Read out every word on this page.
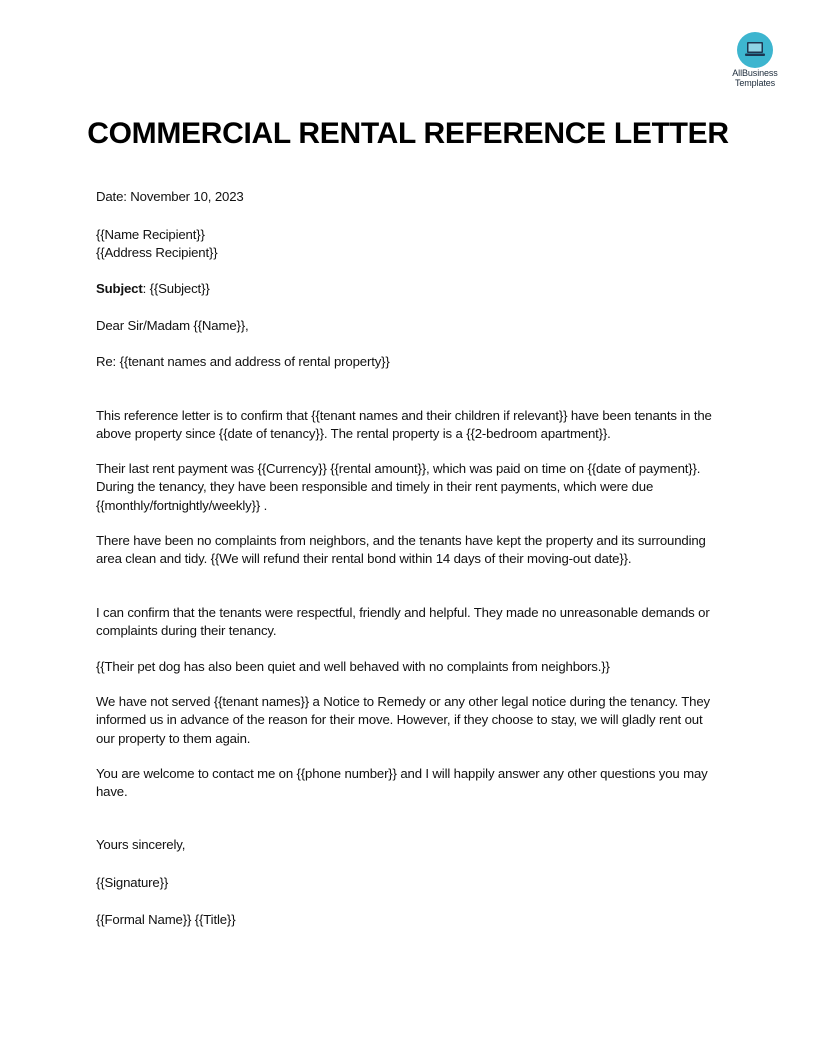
AllBusiness
Templates
COMMERCIAL RENTAL REFERENCE LETTER
Date: November 10, 2023
{{Name Recipient}}
{{Address Recipient}}
Subject: {{Subject}}
Dear Sir/Madam {{Name}},
Re: {{tenant names and address of rental property}}

This reference letter is to confirm that {{tenant names and their children if relevant}} have been tenants in the above property since {{date of tenancy}}. The rental property is a {{2-bedroom apartment}}.

Their last rent payment was {{Currency}} {{rental amount}}, which was paid on time on {{date of payment}}. During the tenancy, they have been responsible and timely in their rent payments, which were due {{monthly/fortnightly/weekly}} .

There have been no complaints from neighbors, and the tenants have kept the property and its surrounding area clean and tidy. {{We will refund their rental bond within 14 days of their moving-out date}}.

I can confirm that the tenants were respectful, friendly and helpful. They made no unreasonable demands or complaints during their tenancy.

{{Their pet dog has also been quiet and well behaved with no complaints from neighbors.}}

We have not served {{tenant names}} a Notice to Remedy or any other legal notice during the tenancy. They informed us in advance of the reason for their move. However, if they choose to stay, we will gladly rent out our property to them again.

You are welcome to contact me on {{phone number}} and I will happily answer any other questions you may have.

Yours sincerely,
{{Signature}}
{{Formal Name}} {{Title}}
